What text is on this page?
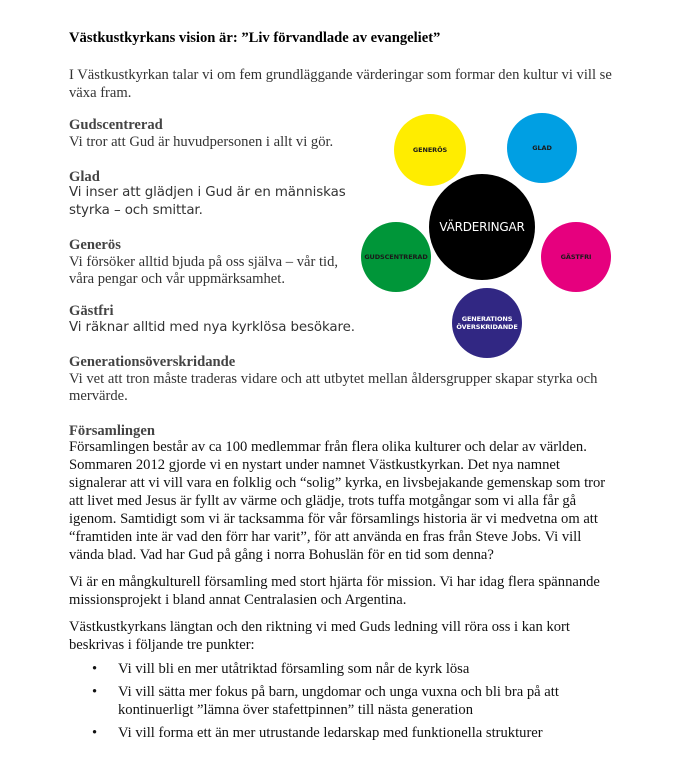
Västkustkyrkans vision är: ”Liv förvandlade av evangeliet”
I Västkustkyrkan talar vi om fem grundläggande värderingar som formar den kultur vi vill se
växa fram.
Gudscentrerad
Vi tror att Gud är huvudpersonen i allt vi gör.
Glad
Vi inser att glädjen i Gud är en människas
styrka – och smittar.
Generös
Vi försöker alltid bjuda på oss själva – vår tid,
våra pengar och vår uppmärksamhet.
Gästfri
Vi räknar alltid med nya kyrklösa besökare.
Generationsöverskridande
Vi vet att tron måste traderas vidare och att utbytet mellan åldersgrupper skapar styrka och
mervärde.
Församlingen
Församlingen består av ca 100 medlemmar från flera olika kulturer och delar av världen.
Sommaren 2012 gjorde vi en nystart under namnet Västkustkyrkan. Det nya namnet
signalerar att vi vill vara en folklig och “solig” kyrka, en livsbejakande gemenskap som tror
att livet med Jesus är fyllt av värme och glädje, trots tuffa motgångar som vi alla får gå
igenom. Samtidigt som vi är tacksamma för vår församlings historia är vi medvetna om att
“framtiden inte är vad den förr har varit”, för att använda en fras från Steve Jobs. Vi vill
vända blad. Vad har Gud på gång i norra Bohuslän för en tid som denna?
Vi är en mångkulturell församling med stort hjärta för mission. Vi har idag flera spännande
missionsprojekt i bland annat Centralasien och Argentina.
Västkustkyrkans längtan och den riktning vi med Guds ledning vill röra oss i kan kort
beskrivas i följande tre punkter:
• Vi vill bli en mer utåtriktad församling som når de kyrk lösa
• Vi vill sätta mer fokus på barn, ungdomar och unga vuxna och bli bra på att
kontinuerligt ”lämna över stafettpinnen” till nästa generation
• Vi vill forma ett än mer utrustande ledarskap med funktionella strukturer
GENERÖS	GLAD
GUDSCENTRERAD	GÄSTFRI
GENERATIONS
ÖVERSKRIDANDE
VÄRDERINGAR
